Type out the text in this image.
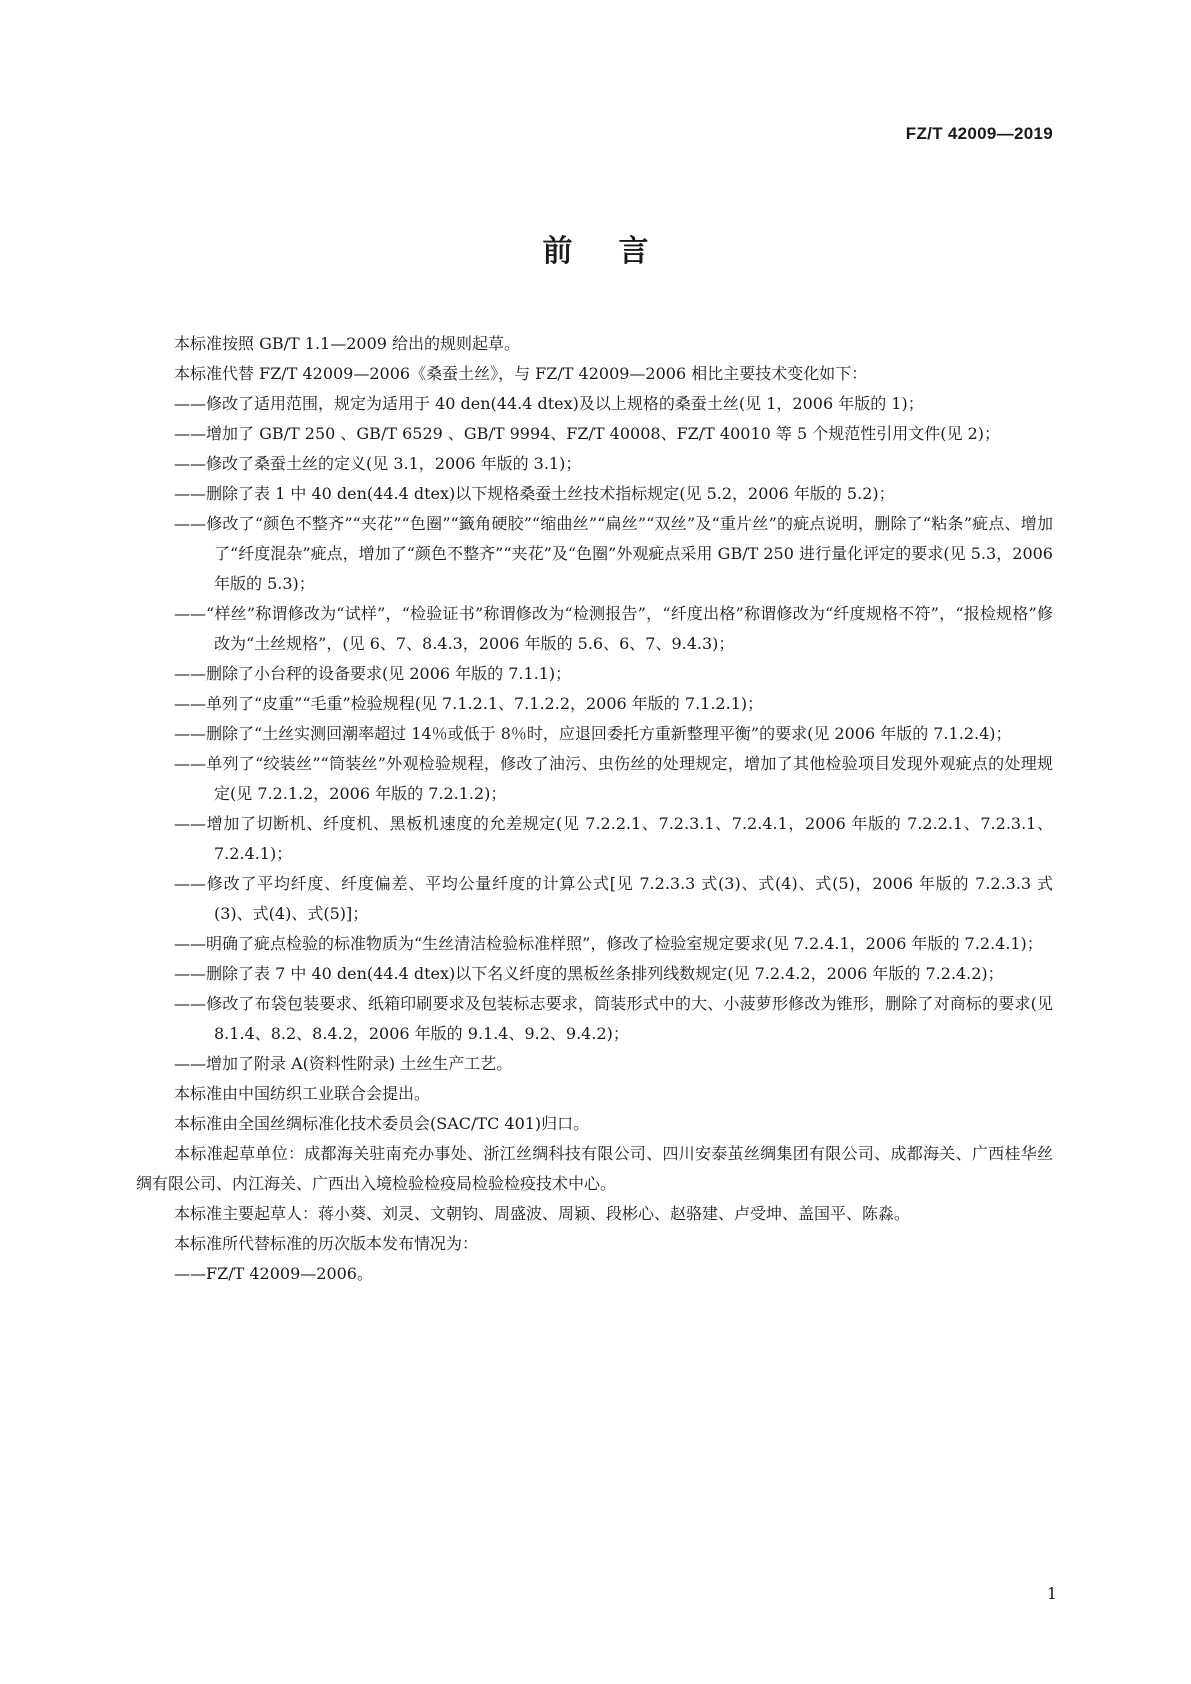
FZ/T 42009—2019
前言

本标准按照 GB/T 1.1—2009 给出的规则起草。

本标准代替 FZ/T 42009—2006《桑蚕土丝》，与 FZ/T 42009—2006 相比主要技术变化如下：

——修改了适用范围，规定为适用于 40 den(44.4 dtex)及以上规格的桑蚕土丝(见 1，2006 年版的 1)；

——增加了 GB/T 250 、GB/T 6529 、GB/T 9994、FZ/T 40008、FZ/T 40010 等 5 个规范性引用文件(见 2)；

——修改了桑蚕土丝的定义(见 3.1，2006 年版的 3.1)；

——删除了表 1 中 40 den(44.4 dtex)以下规格桑蚕土丝技术指标规定(见 5.2，2006 年版的 5.2)；

——修改了“颜色不整齐”“夹花”“色圈”“籤角硬胶”“缩曲丝”“扁丝”“双丝”及“重片丝”的疵点说明，删除了“粘条”疵点、增加了“纤度混杂”疵点，增加了“颜色不整齐”“夹花”及“色圈”外观疵点采用 GB/T 250 进行量化评定的要求(见 5.3，2006 年版的 5.3)；

——“样丝”称谓修改为“试样”，“检验证书”称谓修改为“检测报告”，“纤度出格”称谓修改为“纤度规格不符”，“报检规格”修改为“土丝规格”，(见 6、7、8.4.3，2006 年版的 5.6、6、7、9.4.3)；

——删除了小台秤的设备要求(见 2006 年版的 7.1.1)；

——单列了“皮重”“毛重”检验规程(见 7.1.2.1、7.1.2.2，2006 年版的 7.1.2.1)；

——删除了“土丝实测回潮率超过 14％或低于 8％时，应退回委托方重新整理平衡”的要求(见 2006 年版的 7.1.2.4)；

——单列了“绞装丝”“筒装丝”外观检验规程，修改了油污、虫伤丝的处理规定，增加了其他检验项目发现外观疵点的处理规定(见 7.2.1.2，2006 年版的 7.2.1.2)；

——增加了切断机、纤度机、黑板机速度的允差规定(见 7.2.2.1、7.2.3.1、7.2.4.1，2006 年版的 7.2.2.1、7.2.3.1、7.2.4.1)；

——修改了平均纤度、纤度偏差、平均公量纤度的计算公式[见 7.2.3.3 式(3)、式(4)、式(5)，2006 年版的 7.2.3.3 式(3)、式(4)、式(5)]；

——明确了疵点检验的标准物质为“生丝清洁检验标准样照”，修改了检验室规定要求(见 7.2.4.1，2006 年版的 7.2.4.1)；

——删除了表 7 中 40 den(44.4 dtex)以下名义纤度的黑板丝条排列线数规定(见 7.2.4.2，2006 年版的 7.2.4.2)；

——修改了布袋包装要求、纸箱印刷要求及包装标志要求，筒装形式中的大、小菠萝形修改为锥形，删除了对商标的要求(见 8.1.4、8.2、8.4.2，2006 年版的 9.1.4、9.2、9.4.2)；

——增加了附录 A(资料性附录) 土丝生产工艺。

本标准由中国纺织工业联合会提出。

本标准由全国丝绸标准化技术委员会(SAC/TC 401)归口。

本标准起草单位：成都海关驻南充办事处、浙江丝绸科技有限公司、四川安泰茧丝绸集团有限公司、成都海关、广西桂华丝绸有限公司、内江海关、广西出入境检验检疫局检验检疫技术中心。

本标准主要起草人：蒋小葵、刘灵、文朝钧、周盛波、周颖、段彬心、赵骆建、卢受坤、盖国平、陈淼。

本标准所代替标准的历次版本发布情况为：

——FZ/T 42009—2006。

1
